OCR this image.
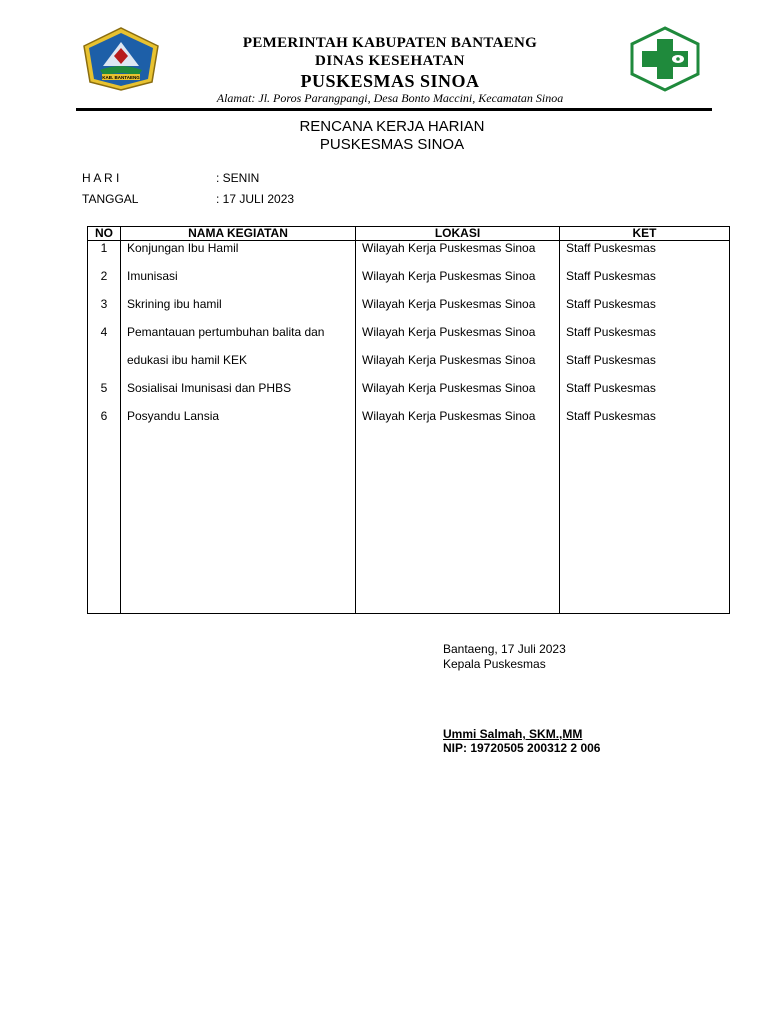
KAB. BANTAENG
PEMERINTAH KABUPATEN BANTAENG
DINAS KESEHATAN
PUSKESMAS SINOA
Alamat: Jl. Poros Parangpangi, Desa Bonto Maccini, Kecamatan Sinoa
RENCANA KERJA HARIAN
PUSKESMAS SINOA
H A R I	: SENIN
TANGGAL	: 17 JULI 2023
NO	NAMA KEGIATAN	LOKASI	KET
1	Konjungan Ibu Hamil	Wilayah Kerja Puskesmas Sinoa	Staff Puskesmas
2	Imunisasi	Wilayah Kerja Puskesmas Sinoa	Staff Puskesmas
3	Skrining ibu hamil	Wilayah Kerja Puskesmas Sinoa	Staff Puskesmas
4	Pemantauan pertumbuhan balita dan	Wilayah Kerja Puskesmas Sinoa	Staff Puskesmas
	edukasi ibu hamil KEK	Wilayah Kerja Puskesmas Sinoa	Staff Puskesmas
5	Sosialisai Imunisasi dan PHBS	Wilayah Kerja Puskesmas Sinoa	Staff Puskesmas
6	Posyandu Lansia	Wilayah Kerja Puskesmas Sinoa	Staff Puskesmas

Bantaeng, 17 Juli 2023
Kepala Puskesmas
Ummi Salmah, SKM.,MM
NIP: 19720505 200312 2 006
